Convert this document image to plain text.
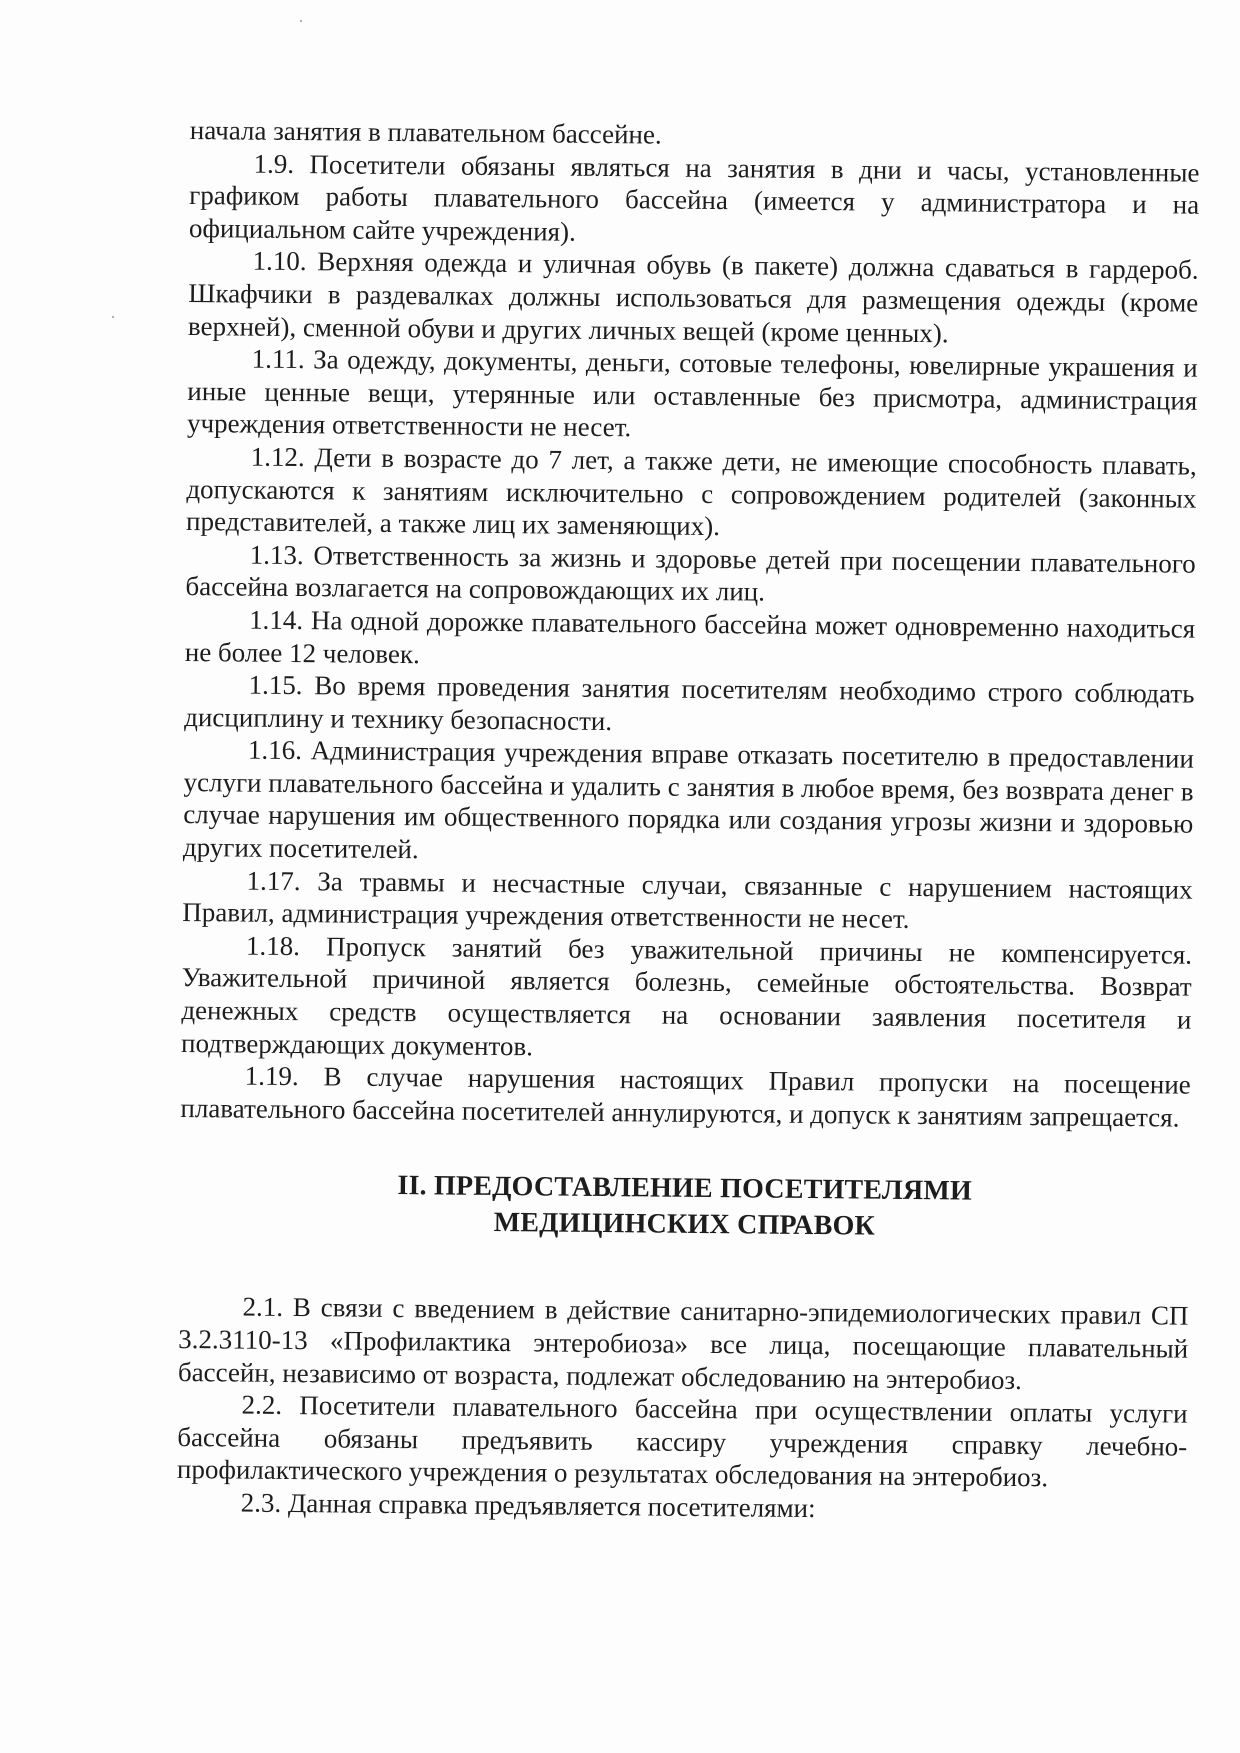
начала занятия в плавательном бассейне.

1.9. Посетители обязаны являться на занятия в дни и часы, установленные графиком работы плавательного бассейна (имеется у администратора и на официальном сайте учреждения).

1.10. Верхняя одежда и уличная обувь (в пакете) должна сдаваться в гардероб. Шкафчики в раздевалках должны использоваться для размещения одежды (кроме верхней), сменной обуви и других личных вещей (кроме ценных).

1.11. За одежду, документы, деньги, сотовые телефоны, ювелирные украшения и иные ценные вещи, утерянные или оставленные без присмотра, администрация учреждения ответственности не несет.

1.12. Дети в возрасте до 7 лет, а также дети, не имеющие способность плавать, допускаются к занятиям исключительно с сопровождением родителей (законных представителей, а также лиц их заменяющих).

1.13. Ответственность за жизнь и здоровье детей при посещении плавательного бассейна возлагается на сопровождающих их лиц.

1.14. На одной дорожке плавательного бассейна может одновременно находиться не более 12 человек.

1.15. Во время проведения занятия посетителям необходимо строго соблюдать дисциплину и технику безопасности.

1.16. Администрация учреждения вправе отказать посетителю в предоставлении услуги плавательного бассейна и удалить с занятия в любое время, без возврата денег в случае нарушения им общественного порядка или создания угрозы жизни и здоровью других посетителей.

1.17. За травмы и несчастные случаи, связанные с нарушением настоящих Правил, администрация учреждения ответственности не несет.

1.18. Пропуск занятий без уважительной причины не компенсируется. Уважительной причиной является болезнь, семейные обстоятельства. Возврат денежных средств осуществляется на основании заявления посетителя и подтверждающих документов.

1.19. В случае нарушения настоящих Правил пропуски на посещение плавательного бассейна посетителей аннулируются, и допуск к занятиям запрещается.

II. ПРЕДОСТАВЛЕНИЕ ПОСЕТИТЕЛЯМИ
МЕДИЦИНСКИХ СПРАВОК

2.1. В связи с введением в действие санитарно-эпидемиологических правил СП 3.2.3110-13 «Профилактика энтеробиоза» все лица, посещающие плавательный бассейн, независимо от возраста, подлежат обследованию на энтеробиоз.

2.2. Посетители плавательного бассейна при осуществлении оплаты услуги бассейна обязаны предъявить кассиру учреждения справку лечебно-профилактического учреждения о результатах обследования на энтеробиоз.

2.3. Данная справка предъявляется посетителями:
